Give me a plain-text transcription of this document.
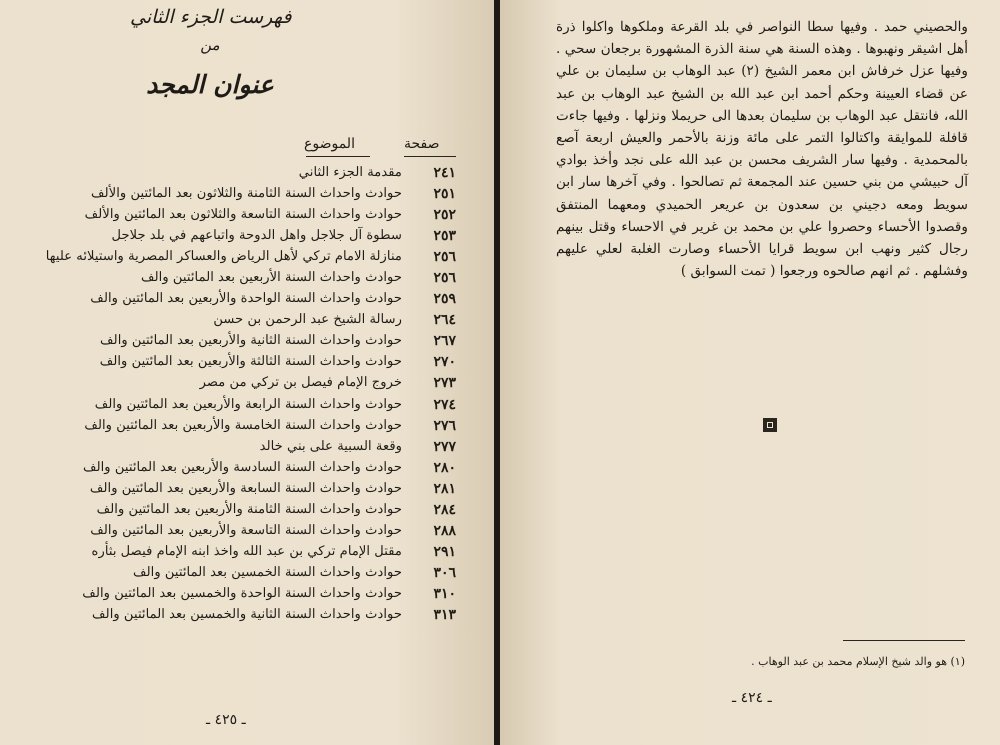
فهرست الجزء الثاني
من
عنوان المجد
صفحة
الموضوع
٢٤١
مقدمة الجزء الثاني
٢٥١
حوادث واحداث السنة الثامنة والثلاثون بعد المائتين والألف
٢٥٢
حوادث واحداث السنة التاسعة والثلاثون بعد المائتين والألف
٢٥٣
سطوة آل جلاجل واهل الدوحة واتباعهم في بلد جلاجل
٢٥٦
منازلة الامام تركي لأهل الرياض والعساكر المصرية واستيلائه عليها
٢٥٦
حوادث واحداث السنة الأربعين بعد المائتين والف
٢٥٩
حوادث واحداث السنة الواحدة والأربعين بعد المائتين والف
٢٦٤
رسالة الشيخ عبد الرحمن بن حسن
٢٦٧
حوادث واحداث السنة الثانية والأربعين بعد المائتين والف
٢٧٠
حوادث واحداث السنة الثالثة والأربعين بعد المائتين والف
٢٧٣
خروج الإمام فيصل بن تركي من مصر
٢٧٤
حوادث واحداث السنة الرابعة والأربعين بعد المائتين والف
٢٧٦
حوادث واحداث السنة الخامسة والأربعين بعد المائتين والف
٢٧٧
وقعة السبية على بني خالد
٢٨٠
حوادث واحداث السنة السادسة والأربعين بعد المائتين والف
٢٨١
حوادث واحداث السنة السابعة والأربعين بعد المائتين والف
٢٨٤
حوادث واحداث السنة الثامنة والأربعين بعد المائتين والف
٢٨٨
حوادث واحداث السنة التاسعة والأربعين بعد المائتين والف
٢٩١
مقتل الإمام تركي بن عبد الله واخذ ابنه الإمام فيصل بثأره
٣٠٦
حوادث واحداث السنة الخمسين بعد المائتين والف
٣١٠
حوادث واحداث السنة الواحدة والخمسين بعد المائتين والف
٣١٣
حوادث واحداث السنة الثانية والخمسين بعد المائتين والف
ـ ٤٢٥ ـ

والحصيني حمد . وفيها سطا النواصر في بلد القرعة وملكوها واكلوا ذرة أهل اشيقر ونهبوها . وهذه السنة هي سنة الذرة المشهورة برجعان سحي . وفيها عزل خرفاش ابن معمر الشيخ (٢) عبد الوهاب بن سليمان بن علي عن قضاء العيينة وحكم أحمد ابن عبد الله بن الشيخ عبد الوهاب بن عبد الله، فانتقل عبد الوهاب بن سليمان بعدها الى حريملا ونزلها . وفيها جاءت قافلة للموايقة واكتالوا التمر على مائة وزنة بالأحمر والعيش اربعة آصع بالمحمدية . وفيها سار الشريف محسن بن عبد الله على نجد وأخذ بوادي آل حبيشي من بني حسين عند المجمعة ثم تصالحوا . وفي آخرها سار ابن سويط ومعه دجيني بن سعدون بن عريعر الحميدي ومعهما المنتفق وقصدوا الأحساء وحصروا علي بن محمد بن غرير في الاحساء وقتل بينهم رجال كثير ونهب ابن سويط قرايا الأحساء وصارت الغلبة لعلي عليهم وفشلهم . ثم انهم صالحوه ورجعوا ( تمت السوابق )

(١) هو والد شيخ الإسلام محمد بن عبد الوهاب .
ـ ٤٢٤ ـ
